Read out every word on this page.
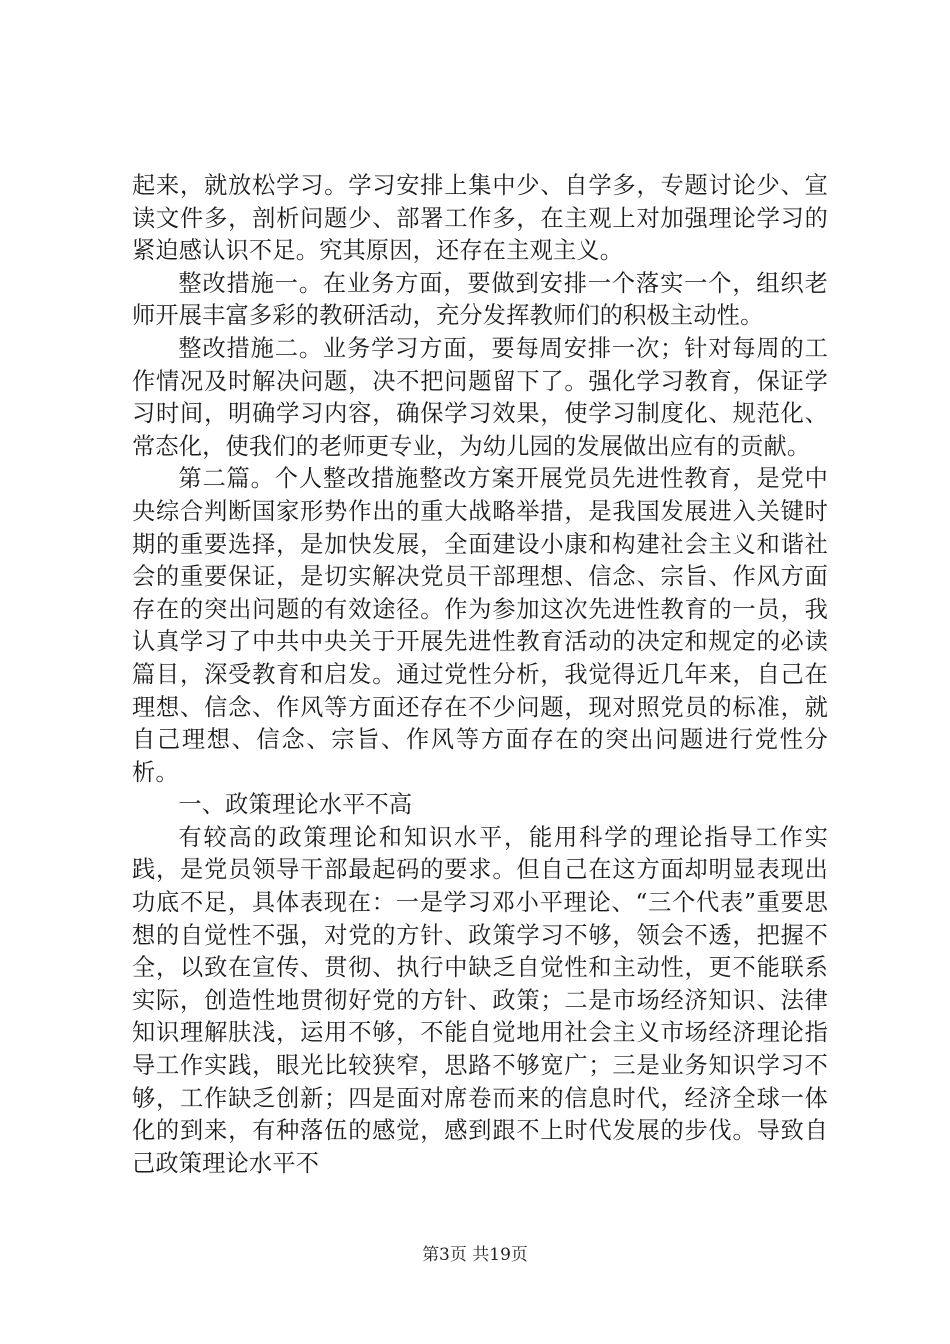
起来，就放松学习。学习安排上集中少、自学多，专题讨论少、宣读文件多，剖析问题少、部署工作多，在主观上对加强理论学习的紧迫感认识不足。究其原因，还存在主观主义。

整改措施一。在业务方面，要做到安排一个落实一个，组织老师开展丰富多彩的教研活动，充分发挥教师们的积极主动性。

整改措施二。业务学习方面，要每周安排一次；针对每周的工作情况及时解决问题，决不把问题留下了。强化学习教育，保证学习时间，明确学习内容，确保学习效果，使学习制度化、规范化、常态化，使我们的老师更专业，为幼儿园的发展做出应有的贡献。

第二篇。个人整改措施整改方案开展党员先进性教育，是党中央综合判断国家形势作出的重大战略举措，是我国发展进入关键时期的重要选择，是加快发展，全面建设小康和构建社会主义和谐社会的重要保证，是切实解决党员干部理想、信念、宗旨、作风方面存在的突出问题的有效途径。作为参加这次先进性教育的一员，我认真学习了中共中央关于开展先进性教育活动的决定和规定的必读篇目，深受教育和启发。通过党性分析，我觉得近几年来，自己在理想、信念、作风等方面还存在不少问题，现对照党员的标准，就自己理想、信念、宗旨、作风等方面存在的突出问题进行党性分析。

一、政策理论水平不高

有较高的政策理论和知识水平，能用科学的理论指导工作实践，是党员领导干部最起码的要求。但自己在这方面却明显表现出功底不足，具体表现在：一是学习邓小平理论、“三个代表”重要思想的自觉性不强，对党的方针、政策学习不够，领会不透，把握不全，以致在宣传、贯彻、执行中缺乏自觉性和主动性，更不能联系实际，创造性地贯彻好党的方针、政策；二是市场经济知识、法律知识理解肤浅，运用不够，不能自觉地用社会主义市场经济理论指导工作实践，眼光比较狭窄，思路不够宽广；三是业务知识学习不够，工作缺乏创新；四是面对席卷而来的信息时代，经济全球一体化的到来，有种落伍的感觉，感到跟不上时代发展的步伐。导致自己政策理论水平不

第3页 共19页
